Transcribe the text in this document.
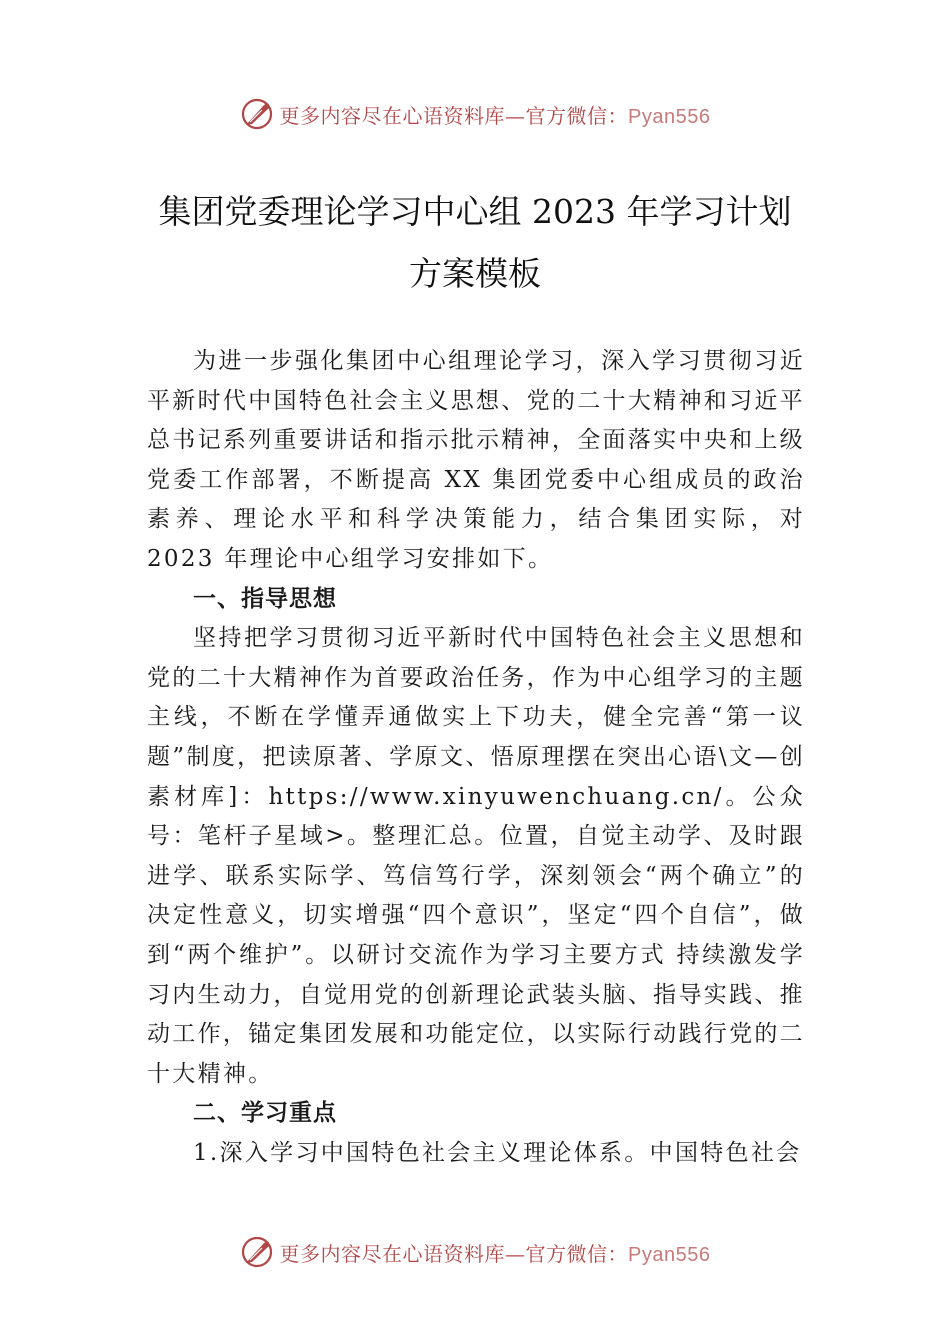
更多内容尽在心语资料库—官方微信：Pyan556
集团党委理论学习中心组 2023 年学习计划
方案模板

为进一步强化集团中心组理论学习，深入学习贯彻习近平新时代中国特色社会主义思想、党的二十大精神和习近平总书记系列重要讲话和指示批示精神，全面落实中央和上级党委工作部署，不断提高 XX 集团党委中心组成员的政治素养、理论水平和科学决策能力，结合集团实际，对 2023 年理论中心组学习安排如下。

一、指导思想

坚持把学习贯彻习近平新时代中国特色社会主义思想和党的二十大精神作为首要政治任务，作为中心组学习的主题主线，不断在学懂弄通做实上下功夫，健全完善“第一议题”制度，把读原著、学原文、悟原理摆在突出心语\文—创素材库]：https://www.xinyuwenchuang.cn/。公众号：笔杆子星域>。整理汇总。位置，自觉主动学、及时跟进学、联系实际学、笃信笃行学，深刻领会“两个确立”的决定性意义，切实增强“四个意识”，坚定“四个自信”，做到“两个维护”。以研讨交流作为学习主要方式 持续激发学习内生动力，自觉用党的创新理论武装头脑、指导实践、推动工作，锚定集团发展和功能定位，以实际行动践行党的二十大精神。

二、学习重点

1.深入学习中国特色社会主义理论体系。中国特色社会

更多内容尽在心语资料库—官方微信：Pyan556
